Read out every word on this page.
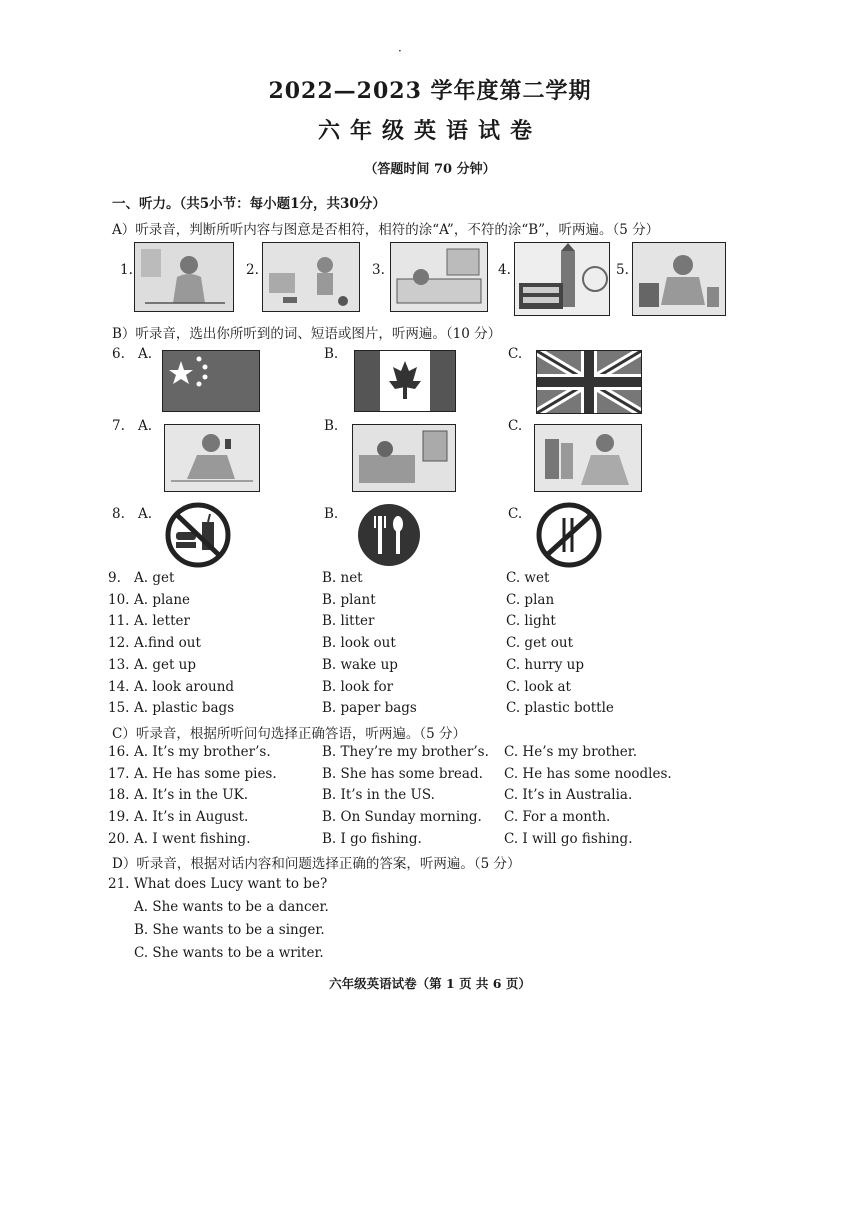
·
2022—2023 学年度第二学期
六年级英语试卷
（答题时间 70 分钟）
一、听力。（共5小节：每小题1分，共30分）
A）听录音，判断所听内容与图意是否相符，相符的涂“A”，不符的涂“B”，听两遍。（5 分）
1.	2.	3.	4.	5.
B）听录音，选出你所听到的词、短语或图片，听两遍。（10 分）
6. A.	B.	C.
7. A.	B.	C.
8. A.	B.	C.
9. A. get	B. net	C. wet
10. A. plane	B. plant	C. plan
11. A. letter	B. litter	C. light
12. A.find out	B. look out	C. get out
13. A. get up	B. wake up	C. hurry up
14. A. look around	B. look for	C. look at
15. A. plastic bags	B. paper bags	C. plastic bottle
C）听录音，根据所听问句选择正确答语，听两遍。（5 分）
16. A. It’s my brother’s.	B. They’re my brother’s. C. He’s my brother.
17. A. He has some pies.	B. She has some bread. C. He has some noodles.
18. A. It’s in the UK.	B. It’s in the US.	C. It’s in Australia.
19. A. It’s in August.	B. On Sunday morning. C. For a month.
20. A. I went fishing.	B. I go fishing.	C. I will go fishing.
D）听录音，根据对话内容和问题选择正确的答案，听两遍。（5 分）
21. What does Lucy want to be?
A. She wants to be a dancer.
B. She wants to be a singer.
C. She wants to be a writer.
六年级英语试卷（第 1 页 共 6 页）
